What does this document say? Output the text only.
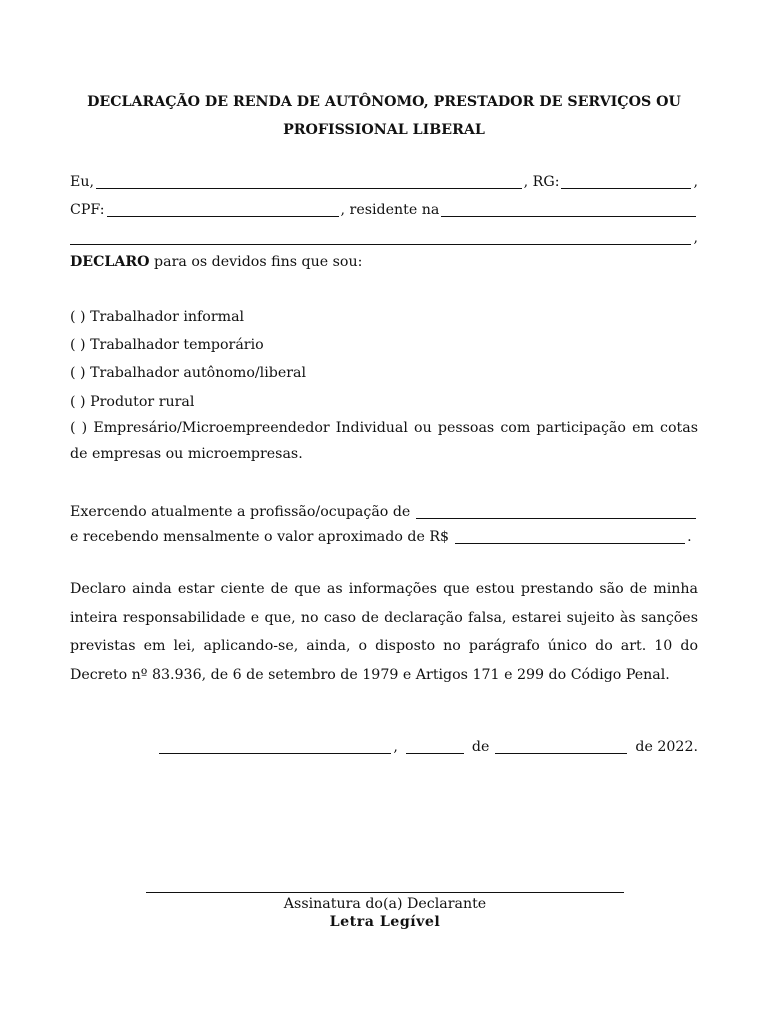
DECLARAÇÃO DE RENDA DE AUTÔNOMO, PRESTADOR DE SERVIÇOS OU
PROFISSIONAL LIBERAL
Eu,	, RG:	,
CPF:	, residente na
,
DECLARO para os devidos fins que sou:
( ) Trabalhador informal
( ) Trabalhador temporário
( ) Trabalhador autônomo/liberal
( ) Produtor rural
( ) Empresário/Microempreendedor Individual ou pessoas com participação em cotas de empresas ou microempresas.
Exercendo atualmente a profissão/ocupação de
e recebendo mensalmente o valor aproximado de R$	.
Declaro ainda estar ciente de que as informações que estou prestando são de minha inteira responsabilidade e que, no caso de declaração falsa, estarei sujeito às sanções previstas em lei, aplicando-se, ainda, o disposto no parágrafo único do art. 10 do Decreto nº 83.936, de 6 de setembro de 1979 e Artigos 171 e 299 do Código Penal.
,	de	de 2022.
Assinatura do(a) Declarante
Letra Legível
